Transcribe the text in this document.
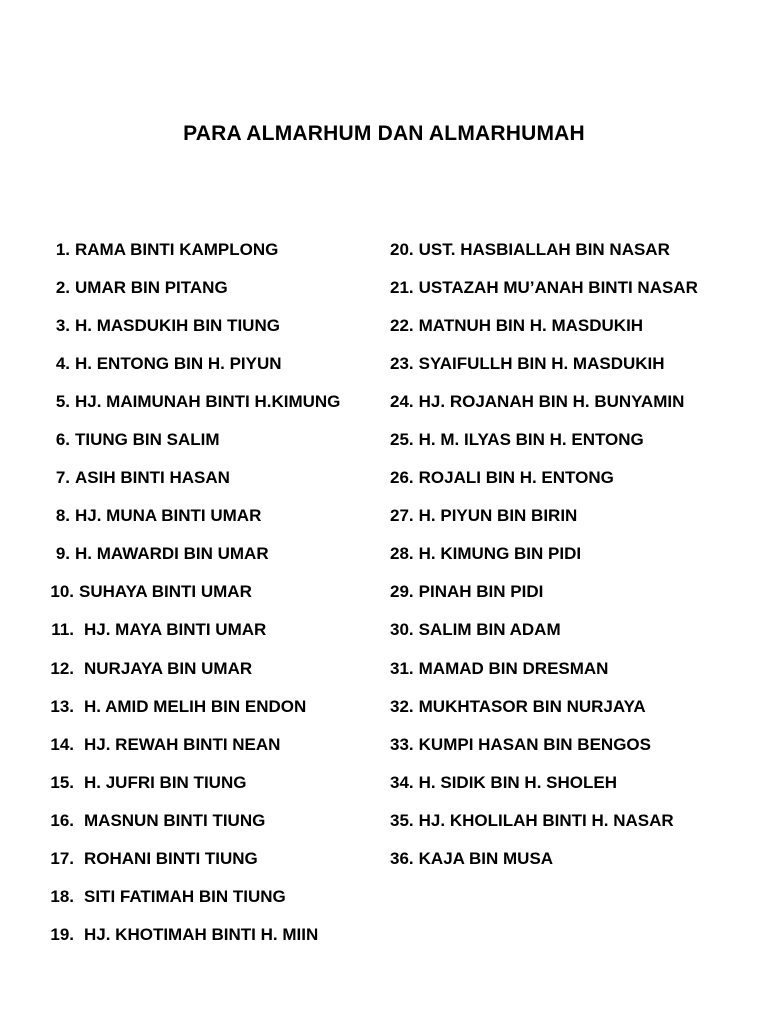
PARA ALMARHUM DAN ALMARHUMAH
1. RAMA BINTI KAMPLONG
2. UMAR BIN PITANG
3. H. MASDUKIH BIN TIUNG
4. H. ENTONG BIN H. PIYUN
5. HJ. MAIMUNAH BINTI H.KIMUNG
6. TIUNG BIN SALIM
7. ASIH BINTI HASAN
8. HJ. MUNA BINTI UMAR
9. H. MAWARDI BIN UMAR
10. SUHAYA BINTI UMAR
11. HJ. MAYA BINTI UMAR
12. NURJAYA BIN UMAR
13. H. AMID MELIH BIN ENDON
14. HJ. REWAH BINTI NEAN
15. H. JUFRI BIN TIUNG
16. MASNUN BINTI TIUNG
17. ROHANI BINTI TIUNG
18. SITI FATIMAH BIN TIUNG
19. HJ. KHOTIMAH BINTI H. MIIN
20. UST. HASBIALLAH BIN NASAR
21. USTAZAH MU’ANAH BINTI NASAR
22. MATNUH BIN H. MASDUKIH
23. SYAIFULLH BIN H. MASDUKIH
24. HJ. ROJANAH BIN H. BUNYAMIN
25. H. M. ILYAS BIN H. ENTONG
26. ROJALI BIN H. ENTONG
27. H. PIYUN BIN BIRIN
28. H. KIMUNG BIN PIDI
29. PINAH BIN PIDI
30. SALIM BIN ADAM
31. MAMAD BIN DRESMAN
32. MUKHTASOR BIN NURJAYA
33. KUMPI HASAN BIN BENGOS
34. H. SIDIK BIN H. SHOLEH
35. HJ. KHOLILAH BINTI H. NASAR
36. KAJA BIN MUSA
